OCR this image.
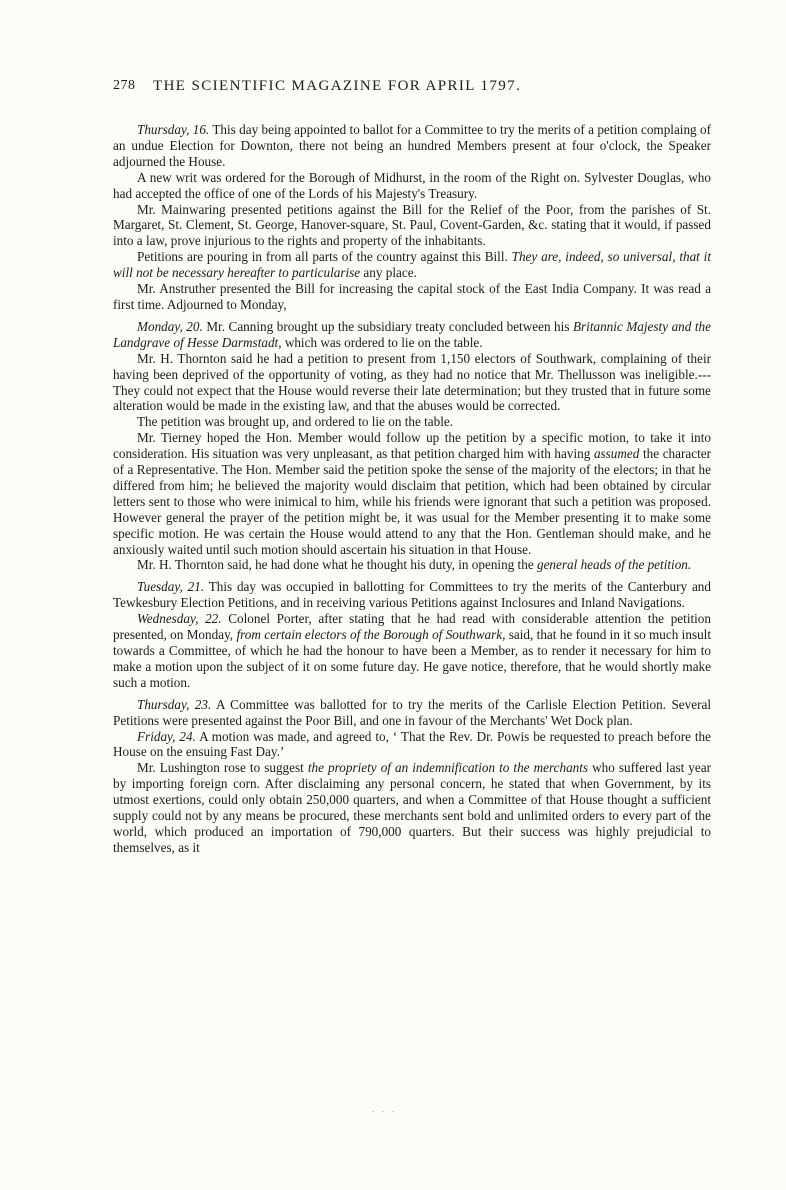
278 THE SCIENTIFIC MAGAZINE FOR APRIL 1797.

Thursday, 16. This day being appointed to ballot for a Committee to try the merits of a petition complaing of an undue Election for Downton, there not being an hundred Members present at four o'clock, the Speaker adjourned the House.

A new writ was ordered for the Borough of Midhurst, in the room of the Right on. Sylvester Douglas, who had accepted the office of one of the Lords of his Majesty's Treasury.

Mr. Mainwaring presented petitions against the Bill for the Relief of the Poor, from the parishes of St. Margaret, St. Clement, St. George, Hanover-square, St. Paul, Covent-Garden, &c. stating that it would, if passed into a law, prove injurious to the rights and property of the inhabitants.

Petitions are pouring in from all parts of the country against this Bill. They are, indeed, so universal, that it will not be necessary hereafter to particularise any place.

Mr. Anstruther presented the Bill for increasing the capital stock of the East India Company. It was read a first time. Adjourned to Monday,

Monday, 20. Mr. Canning brought up the subsidiary treaty concluded between his Britannic Majesty and the Landgrave of Hesse Darmstadt, which was ordered to lie on the table.

Mr. H. Thornton said he had a petition to present from 1,150 electors of Southwark, complaining of their having been deprived of the opportunity of voting, as they had no notice that Mr. Thellusson was ineligible.---They could not expect that the House would reverse their late determination; but they trusted that in future some alteration would be made in the existing law, and that the abuses would be corrected.

The petition was brought up, and ordered to lie on the table.

Mr. Tierney hoped the Hon. Member would follow up the petition by a specific motion, to take it into consideration. His situation was very unpleasant, as that petition charged him with having assumed the character of a Representative. The Hon. Member said the petition spoke the sense of the majority of the electors; in that he differed from him; he believed the majority would disclaim that petition, which had been obtained by circular letters sent to those who were inimical to him, while his friends were ignorant that such a petition was proposed. However general the prayer of the petition might be, it was usual for the Member presenting it to make some specific motion. He was certain the House would attend to any that the Hon. Gentleman should make, and he anxiously waited until such motion should ascertain his situation in that House.

Mr. H. Thornton said, he had done what he thought his duty, in opening the general heads of the petition.

Tuesday, 21. This day was occupied in ballotting for Committees to try the merits of the Canterbury and Tewkesbury Election Petitions, and in receiving various Petitions against Inclosures and Inland Navigations.

Wednesday, 22. Colonel Porter, after stating that he had read with considerable attention the petition presented, on Monday, from certain electors of the Borough of Southwark, said, that he found in it so much insult towards a Committee, of which he had the honour to have been a Member, as to render it necessary for him to make a motion upon the subject of it on some future day. He gave notice, therefore, that he would shortly make such a motion.

Thursday, 23. A Committee was ballotted for to try the merits of the Carlisle Election Petition. Several Petitions were presented against the Poor Bill, and one in favour of the Merchants' Wet Dock plan.

Friday, 24. A motion was made, and agreed to, ‘ That the Rev. Dr. Powis be requested to preach before the House on the ensuing Fast Day.’

Mr. Lushington rose to suggest the propriety of an indemnification to the merchants who suffered last year by importing foreign corn. After disclaiming any personal concern, he stated that when Government, by its utmost exertions, could only obtain 250,000 quarters, and when a Committee of that House thought a sufficient supply could not by any means be procured, these merchants sent bold and unlimited orders to every part of the world, which produced an importation of 790,000 quarters. But their success was highly prejudicial to themselves, as it

. . .
